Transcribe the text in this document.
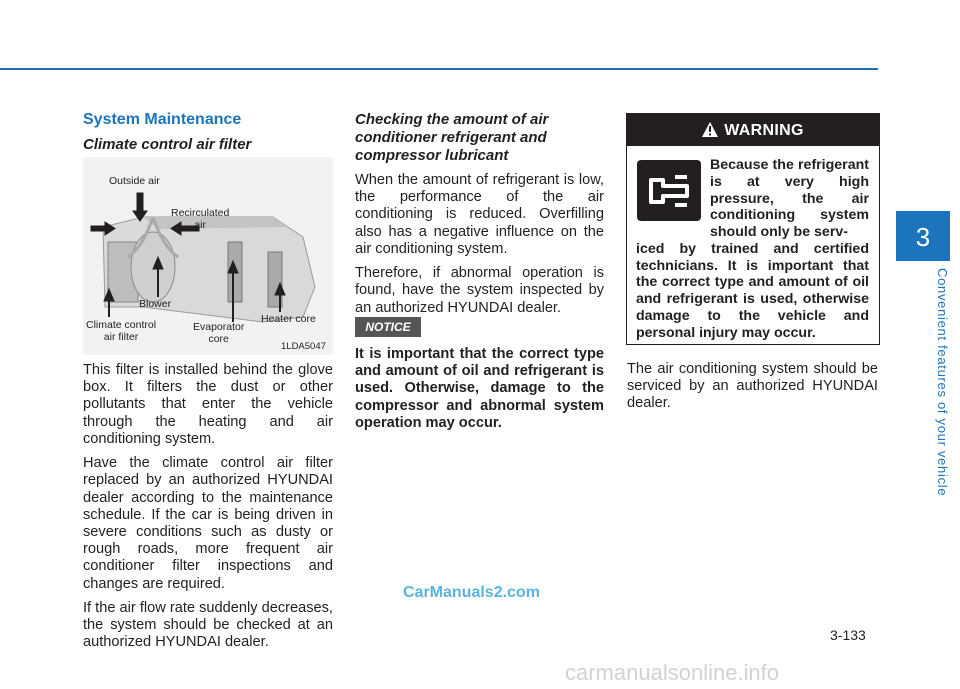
3
Convenient features of your vehicle
System Maintenance
Climate control air filter
Outside air
Recirculated
air
Blower
Climate control
air filter
Evaporator
core
Heater core
1LDA5047

This filter is installed behind the glove box. It filters the dust or other pollutants that enter the vehicle through the heating and air conditioning system.

Have the climate control air filter replaced by an authorized HYUNDAI dealer according to the maintenance schedule. If the car is being driven in severe conditions such as dusty or rough roads, more frequent air conditioner filter inspections and changes are required.

If the air flow rate suddenly decreases, the system should be checked at an authorized HYUNDAI dealer.

Checking the amount of air conditioner refrigerant and compressor lubricant

When the amount of refrigerant is low, the performance of the air conditioning is reduced. Overfilling also has a negative influence on the air conditioning system.

Therefore, if abnormal operation is found, have the system inspected by an authorized HYUNDAI dealer.

NOTICE

It is important that the correct type and amount of oil and refrigerant is used. Otherwise, damage to the compressor and abnormal system operation may occur.

WARNING
Because the refrigerant is at very high pressure, the air conditioning system should only be serv-
iced by trained and certified technicians. It is important that the correct type and amount of oil and refrigerant is used, otherwise damage to the vehicle and personal injury may occur.

The air conditioning system should be serviced by an authorized HYUNDAI dealer.

3-133
CarManuals2.com
carmanualsonline.info
